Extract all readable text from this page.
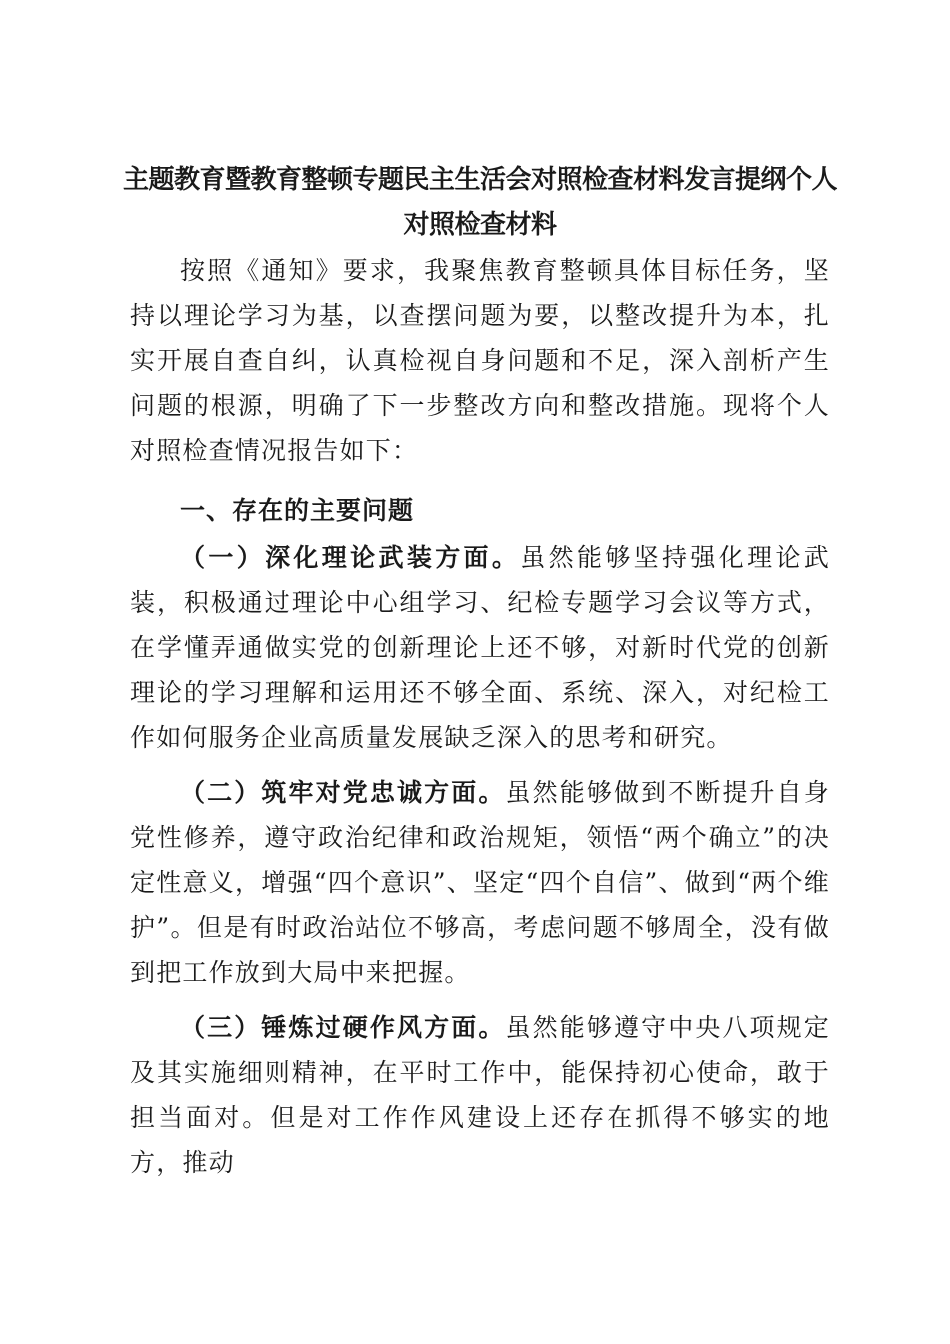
主题教育暨教育整顿专题民主生活会对照检查材料发言提纲个人对照检查材料

按照《通知》要求，我聚焦教育整顿具体目标任务，坚持以理论学习为基，以查摆问题为要，以整改提升为本，扎实开展自查自纠，认真检视自身问题和不足，深入剖析产生问题的根源，明确了下一步整改方向和整改措施。现将个人对照检查情况报告如下：

一、存在的主要问题

（一）深化理论武装方面。虽然能够坚持强化理论武装，积极通过理论中心组学习、纪检专题学习会议等方式，在学懂弄通做实党的创新理论上还不够，对新时代党的创新理论的学习理解和运用还不够全面、系统、深入，对纪检工作如何服务企业高质量发展缺乏深入的思考和研究。

（二）筑牢对党忠诚方面。虽然能够做到不断提升自身党性修养，遵守政治纪律和政治规矩，领悟“两个确立”的决定性意义，增强“四个意识”、坚定“四个自信”、做到“两个维护”。但是有时政治站位不够高，考虑问题不够周全，没有做到把工作放到大局中来把握。

（三）锤炼过硬作风方面。虽然能够遵守中央八项规定及其实施细则精神，在平时工作中，能保持初心使命，敢于担当面对。但是对工作作风建设上还存在抓得不够实的地方，推动
